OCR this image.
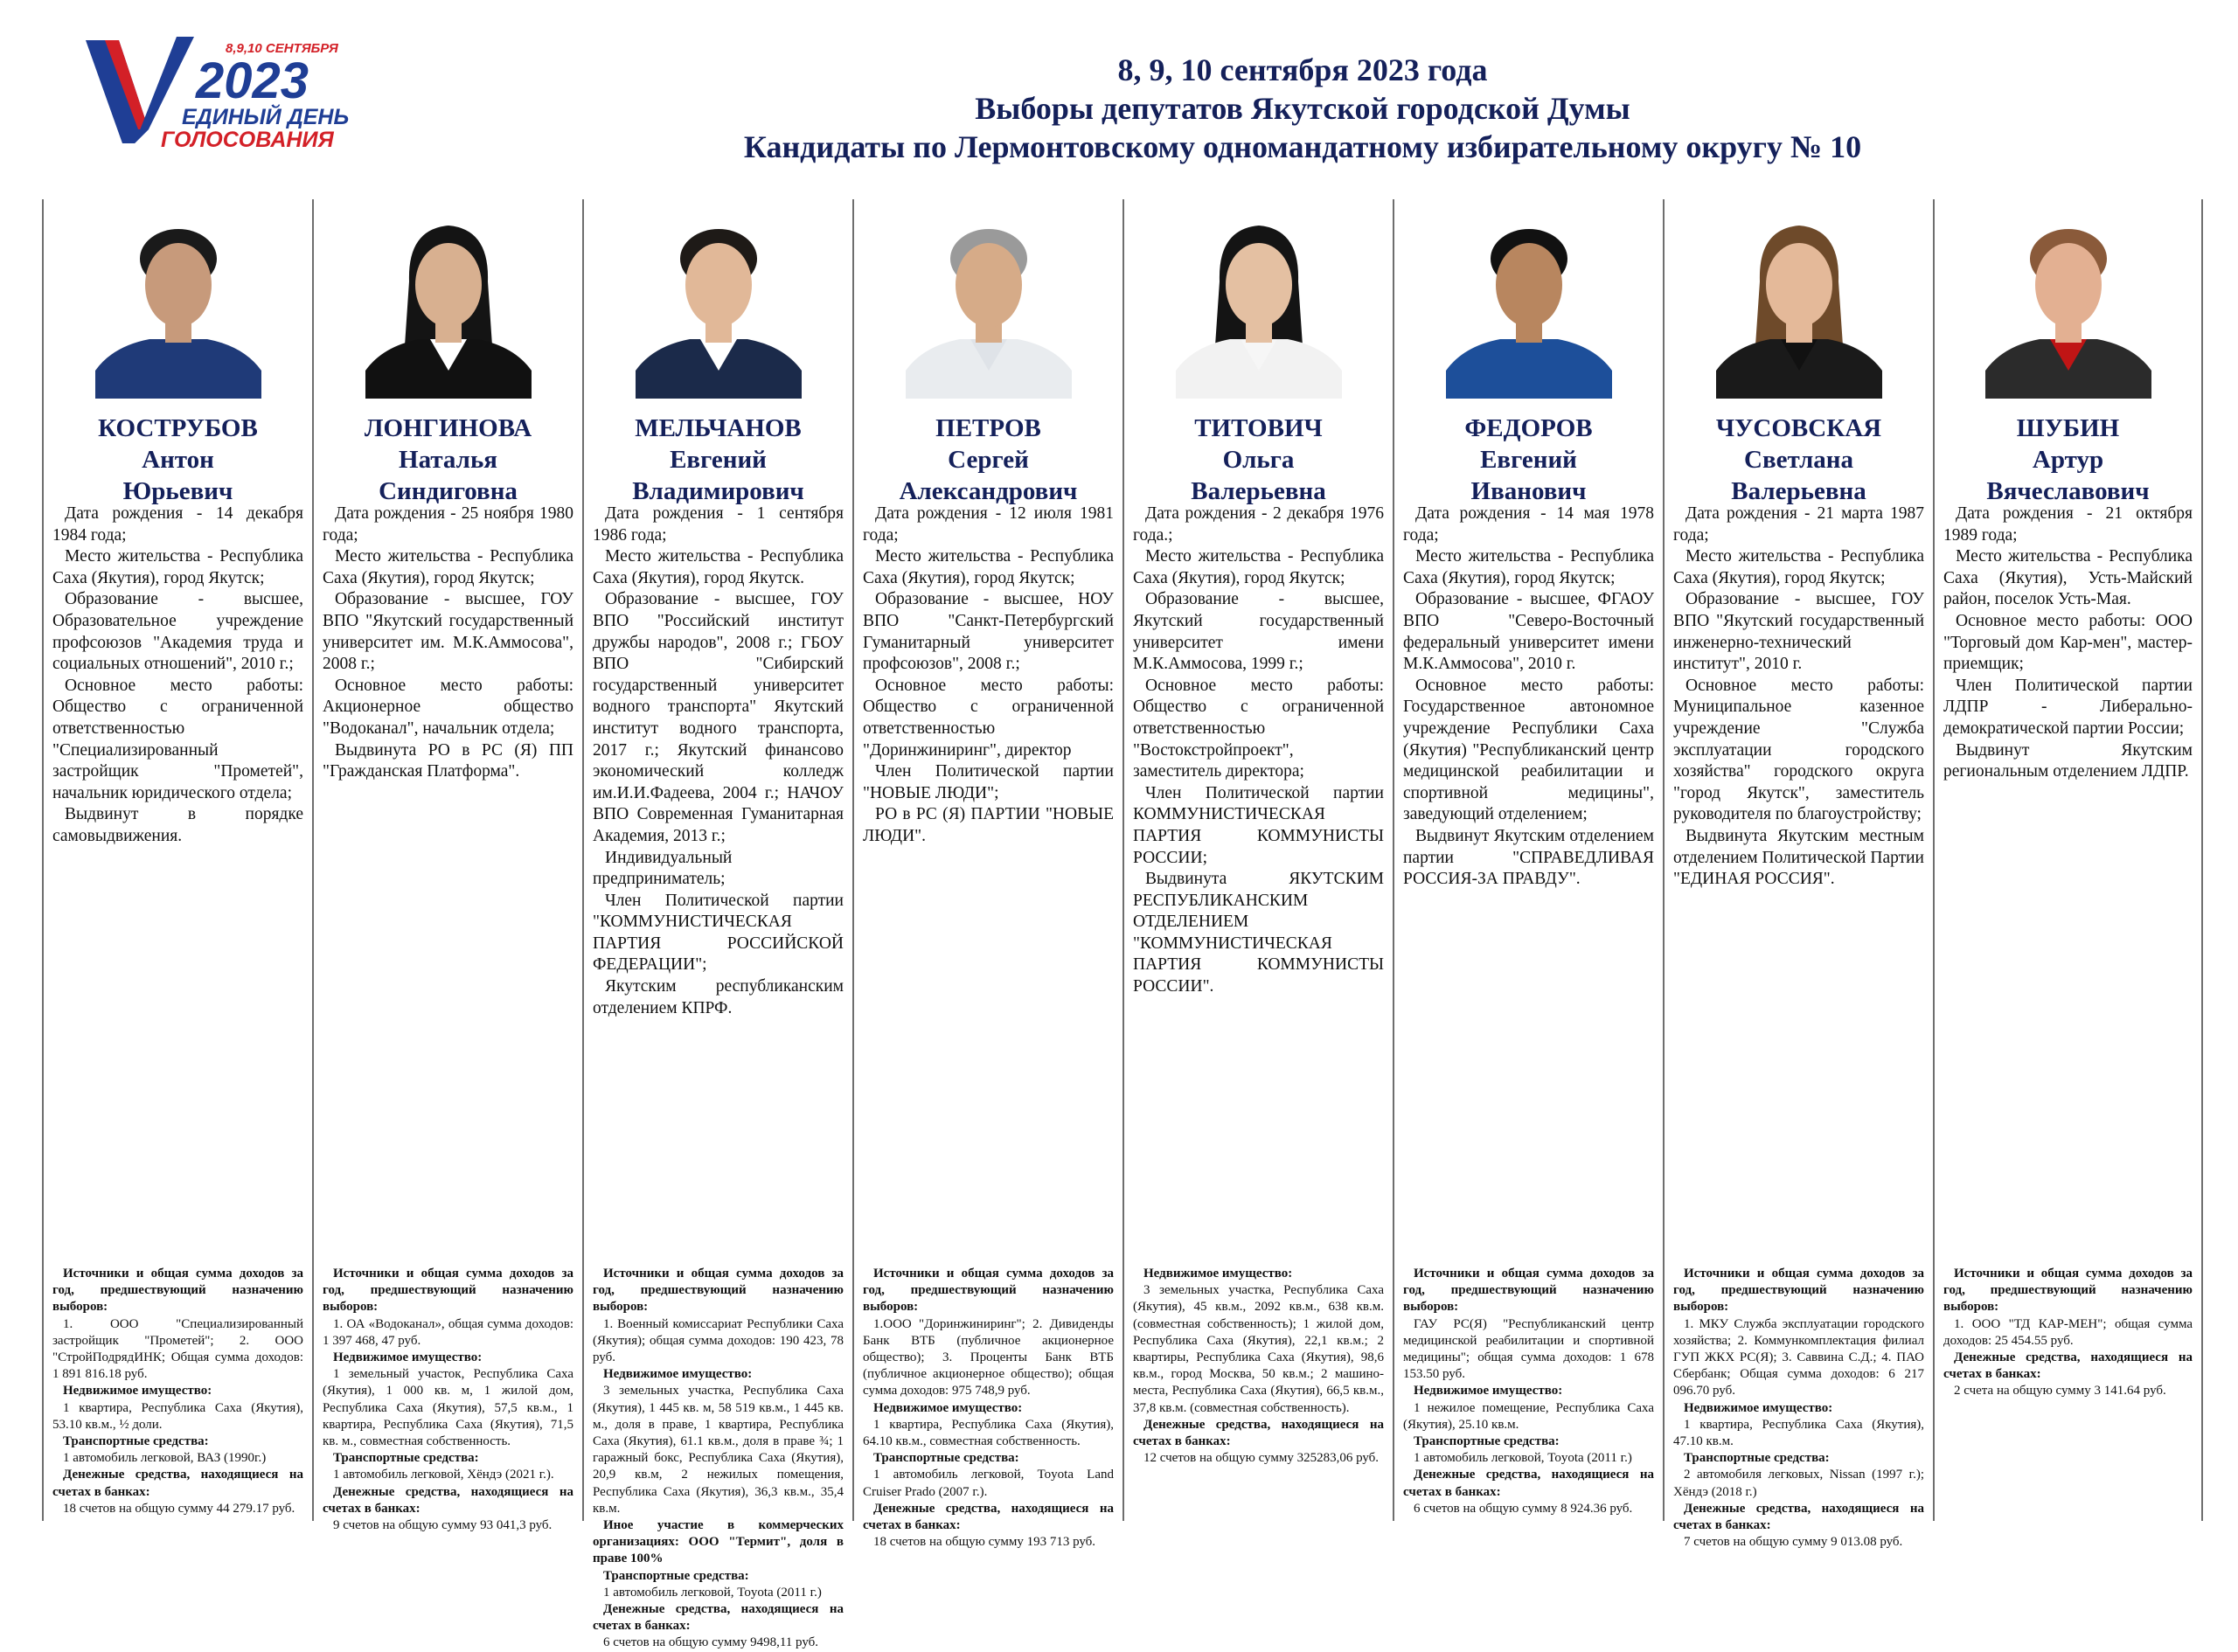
8,9,10 СЕНТЯБРЯ
2023
ЕДИНЫЙ ДЕНЬ
ГОЛОСОВАНИЯ
8, 9, 10 сентября 2023 года
Выборы депутатов Якутской городской Думы
Кандидаты по Лермонтовскому одномандатному избирательному округу № 10
КОСТРУБОВ
Антон
Юрьевич

Дата рождения - 14 декабря 1984 года;

Место жительства - Республика Саха (Якутия), город Якутск;

Образование - высшее, Образовательное учреждение профсоюзов "Академия труда и социальных отношений", 2010 г.;

Основное место работы: Общество с ограниченной ответственностью "Специализированный застройщик "Прометей", начальник юридического отдела;

Выдвинут в порядке самовыдвижения.

Источники и общая сумма доходов за год, предшествующий назначению выборов:

1. ООО "Специализированный застройщик "Прометей"; 2. ООО "СтройПодрядИНК; Общая сумма доходов: 1 891 816.18 руб.

Недвижимое имущество:

1 квартира, Республика Саха (Якутия), 53.10 кв.м., ½ доли.

Транспортные средства:

1 автомобиль легковой, ВАЗ (1990г.)

Денежные средства, находящиеся на счетах в банках:

18 счетов на общую сумму 44 279.17 руб.

ЛОНГИНОВА
Наталья
Синдиговна

Дата рождения - 25 ноября 1980 года;

Место жительства - Республика Саха (Якутия), город Якутск;

Образование - высшее, ГОУ ВПО "Якутский государственный университет им. М.К.Аммосова", 2008 г.;

Основное место работы: Акционерное общество "Водоканал", начальник отдела;

Выдвинута РО в РС (Я) ПП "Гражданская Платформа".

Источники и общая сумма доходов за год, предшествующий назначению выборов:

1. ОА «Водоканал», общая сумма доходов: 1 397 468, 47 руб.

Недвижимое имущество:

1 земельный участок, Республика Саха (Якутия), 1 000 кв. м, 1 жилой дом, Республика Саха (Якутия), 57,5 кв.м., 1 квартира, Республика Саха (Якутия), 71,5 кв. м., совместная собственность.

Транспортные средства:

1 автомобиль легковой, Хёндэ (2021 г.).

Денежные средства, находящиеся на счетах в банках:

9 счетов на общую сумму 93 041,3 руб.

МЕЛЬЧАНОВ
Евгений
Владимирович

Дата рождения - 1 сентября 1986 года;

Место жительства - Республика Саха (Якутия), город Якутск.

Образование - высшее, ГОУ ВПО "Российский институт дружбы народов", 2008 г.; ГБОУ ВПО "Сибирский государственный университет водного транспорта" Якутский институт водного транспорта, 2017 г.; Якутский финансово экономический колледж им.И.И.Фадеева, 2004 г.; НАЧОУ ВПО Современная Гуманитарная Академия, 2013 г.;

Индивидуальный предприниматель;

Член Политической партии "КОММУНИСТИЧЕСКАЯ ПАРТИЯ РОССИЙСКОЙ ФЕДЕРАЦИИ";

Якутским республиканским отделением КПРФ.

Источники и общая сумма доходов за год, предшествующий назначению выборов:

1. Военный комиссариат Республики Саха (Якутия); общая сумма доходов: 190 423, 78 руб.

Недвижимое имущество:

3 земельных участка, Республика Саха (Якутия), 1 445 кв. м, 58 519 кв.м., 1 445 кв. м., доля в правe, 1 квартира, Республика Саха (Якутия), 61.1 кв.м., доля в праве ¾; 1 гаражный бокс, Республика Саха (Якутия), 20,9 кв.м, 2 нежилых помещения, Республика Саха (Якутия), 36,3 кв.м., 35,4 кв.м.

Иное участие в коммерческих организациях: ООО "Термит", доля в праве 100%

Транспортные средства:

1 автомобиль легковой, Toyota (2011 г.)

Денежные средства, находящиеся на счетах в банках:

6 счетов на общую сумму 9498,11 руб.

ПЕТРОВ
Сергей
Александрович

Дата рождения - 12 июля 1981 года;

Место жительства - Республика Саха (Якутия), город Якутск;

Образование - высшее, НОУ ВПО "Санкт-Петербургский Гуманитарный университет профсоюзов", 2008 г.;

Основное место работы: Общество с ограниченной ответственностью "Доринжиниринг", директор

Член Политической партии "НОВЫЕ ЛЮДИ";

РО в РС (Я) ПАРТИИ "НОВЫЕ ЛЮДИ".

Источники и общая сумма доходов за год, предшествующий назначению выборов:

1.ООО "Доринжиниринг"; 2. Дивиденды Банк ВТБ (публичное акционерное общество); 3. Проценты Банк ВТБ (публичное акционерное общество); общая сумма доходов: 975 748,9 руб.

Недвижимое имущество:

1 квартира, Республика Саха (Якутия), 64.10 кв.м., совместная собственность.

Транспортные средства:

1 автомобиль легковой, Toyota Land Cruiser Prado (2007 г.).

Денежные средства, находящиеся на счетах в банках:

18 счетов на общую сумму 193 713 руб.

ТИТОВИЧ
Ольга
Валерьевна

Дата рождения - 2 декабря 1976 года.;

Место жительства - Республика Саха (Якутия), город Якутск;

Образование - высшее, Якутский государственный университет имени М.К.Аммосова, 1999 г.;

Основное место работы: Общество с ограниченной ответственностью "Востокстройпроект", заместитель директора;

Член Политической партии КОММУНИСТИЧЕСКАЯ ПАРТИЯ КОММУНИСТЫ РОССИИ;

Выдвинута ЯКУТСКИМ РЕСПУБЛИКАНСКИМ ОТДЕЛЕНИЕМ "КОММУНИСТИЧЕСКАЯ ПАРТИЯ КОММУНИСТЫ РОССИИ".

Недвижимое имущество:

3 земельных участка, Республика Саха (Якутия), 45 кв.м., 2092 кв.м., 638 кв.м. (совместная собственность); 1 жилой дом, Республика Саха (Якутия), 22,1 кв.м.; 2 квартиры, Республика Саха (Якутия), 98,6 кв.м., город Москва, 50 кв.м.; 2 машино-места, Республика Саха (Якутия), 66,5 кв.м., 37,8 кв.м. (совместная собственность).

Денежные средства, находящиеся на счетах в банках:

12 счетов на общую сумму 325283,06 руб.

ФЕДОРОВ
Евгений
Иванович

Дата рождения - 14 мая 1978 года;

Место жительства - Республика Саха (Якутия), город Якутск;

Образование - высшее, ФГАОУ ВПО "Северо-Восточный федеральный университет имени М.К.Аммосова", 2010 г.

Основное место работы: Государственное автономное учреждение Республики Саха (Якутия) "Республиканский центр медицинской реабилитации и спортивной медицины", заведующий отделением;

Выдвинут Якутским отделением партии "СПРАВЕДЛИВАЯ РОССИЯ-ЗА ПРАВДУ".

Источники и общая сумма доходов за год, предшествующий назначению выборов:

ГАУ РС(Я) "Республиканский центр медицинской реабилитации и спортивной медицины"; общая сумма доходов: 1 678 153.50 руб.

Недвижимое имущество:

1 нежилое помещение, Республика Саха (Якутия), 25.10 кв.м.

Транспортные средства:

1 автомобиль легковой, Toyota (2011 г.)

Денежные средства, находящиеся на счетах в банках:

6 счетов на общую сумму 8 924.36 руб.

ЧУСОВСКАЯ
Светлана
Валерьевна

Дата рождения - 21 марта 1987 года;

Место жительства - Республика Саха (Якутия), город Якутск;

Образование - высшее, ГОУ ВПО "Якутский государственный инженерно-технический институт", 2010 г.

Основное место работы: Муниципальное казенное учреждение "Служба эксплуатации городского хозяйства" городского округа "город Якутск", заместитель руководителя по благоустройству;

Выдвинута Якутским местным отделением Политической Партии "ЕДИНАЯ РОССИЯ".

Источники и общая сумма доходов за год, предшествующий назначению выборов:

1. МКУ Служба эксплуатации городского хозяйства; 2. Коммункомплектация филиал ГУП ЖКХ РС(Я); 3. Саввина С.Д.; 4. ПАО Сбербанк; Общая сумма доходов: 6 217 096.70 руб.

Недвижимое имущество:

1 квартира, Республика Саха (Якутия), 47.10 кв.м.

Транспортные средства:

2 автомобиля легковых, Nissan (1997 г.); Хёндэ (2018 г.)

Денежные средства, находящиеся на счетах в банках:

7 счетов на общую сумму 9 013.08 руб.

ШУБИН
Артур
Вячеславович

Дата рождения - 21 октября 1989 года;

Место жительства - Республика Саха (Якутия), Усть-Майский район, поселок Усть-Мая.

Основное место работы: ООО "Торговый дом Кар-мен", мастер-приемщик;

Член Политической партии ЛДПР - Либерально-демократической партии России;

Выдвинут Якутским региональным отделением ЛДПР.

Источники и общая сумма доходов за год, предшествующий назначению выборов:

1. ООО "ТД КАР-МЕН"; общая сумма доходов: 25 454.55 руб.

Денежные средства, находящиеся на счетах в банках:

2 счета на общую сумму 3 141.64 руб.
